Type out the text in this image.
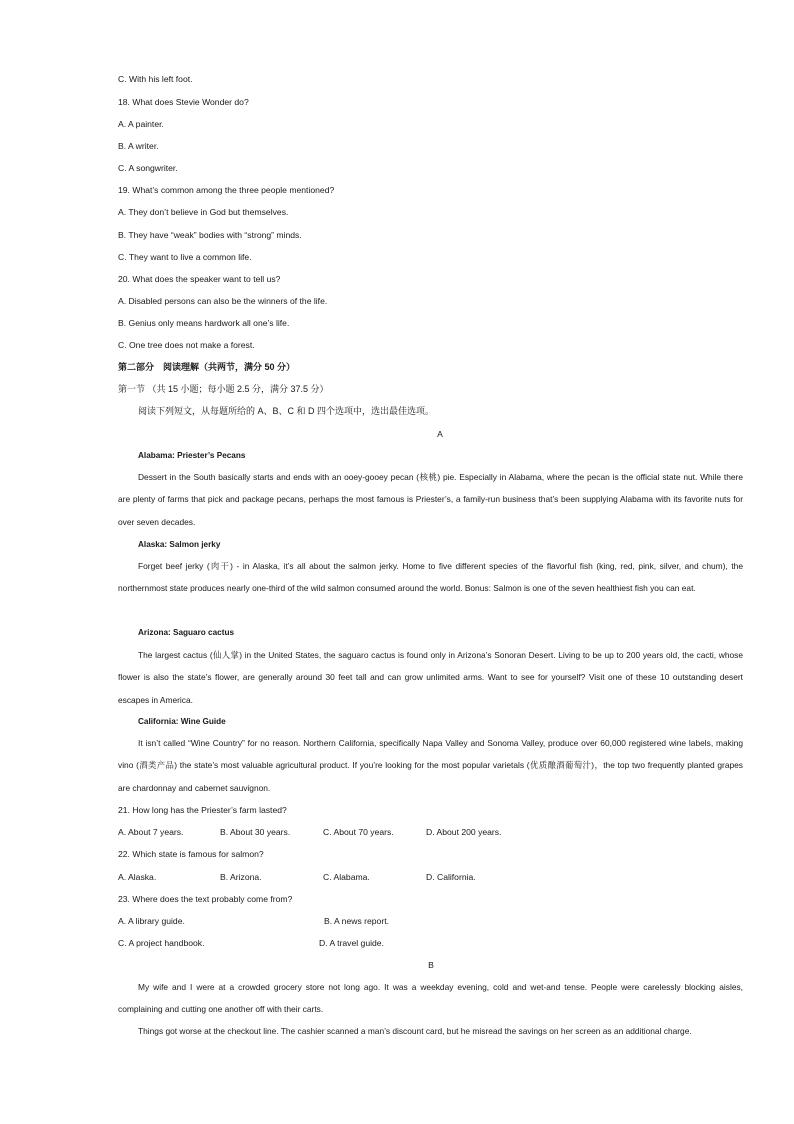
C. With his left foot.
18. What does Stevie Wonder do?
A. A painter.
B. A writer.
C. A songwriter.
19. What’s common among the three people mentioned?
A. They don’t believe in God but themselves.
B. They have “weak” bodies with “strong” minds.
C. They want to live a common life.
20. What does the speaker want to tell us?
A. Disabled persons can also be the winners of the life.
B. Genius only means hardwork all one’s life.
C. One tree does not make a forest.
第二部分　阅读理解（共两节，满分 50 分）
第一节 （共 15 小题；每小题 2.5 分，满分 37.5 分）
阅读下列短文，从每题所给的 A、B、C 和 D 四个选项中，选出最佳选项。
A
Alabama: Priester’s Pecans
Dessert in the South basically starts and ends with an ooey-gooey pecan (核桃) pie. Especially in Alabama, where the pecan is the official state nut. While there are plenty of farms that pick and package pecans, perhaps the most famous is Priester’s, a family-run business that’s been supplying Alabama with its favorite nuts for over seven decades.
Alaska: Salmon jerky
Forget beef jerky (肉干) - in Alaska, it’s all about the salmon jerky. Home to five different species of the flavorful fish (king, red, pink, silver, and chum), the northernmost state produces nearly one-third of the wild salmon consumed around the world. Bonus: Salmon is one of the seven healthiest fish you can eat.
Arizona: Saguaro cactus
The largest cactus (仙人掌) in the United States, the saguaro cactus is found only in Arizona’s Sonoran Desert. Living to be up to 200 years old, the cacti, whose flower is also the state’s flower, are generally around 30 feet tall and can grow unlimited arms. Want to see for yourself? Visit one of these 10 outstanding desert escapes in America.
California: Wine Guide
It isn’t called “Wine Country” for no reason. Northern California, specifically Napa Valley and Sonoma Valley, produce over 60,000 registered wine labels, making vino (酒类产品) the state’s most valuable agricultural product. If you’re looking for the most popular varietals (优质酿酒葡萄汁)，the top two frequently planted grapes are chardonnay and cabernet sauvignon.
21. How long has the Priester’s farm lasted?
A. About 7 years.	B. About 30 years.	C. About 70 years.	D. About 200 years.
22. Which state is famous for salmon?
A. Alaska.	B. Arizona.	C. Alabama.	D. California.
23. Where does the text probably come from?
A. A library guide.	B. A news report.
C. A project handbook.	D. A travel guide.
B
My wife and I were at a crowded grocery store not long ago. It was a weekday evening, cold and wet-and tense. People were carelessly blocking aisles, complaining and cutting one another off with their carts.
Things got worse at the checkout line. The cashier scanned a man’s discount card, but he misread the savings on her screen as an additional charge.
